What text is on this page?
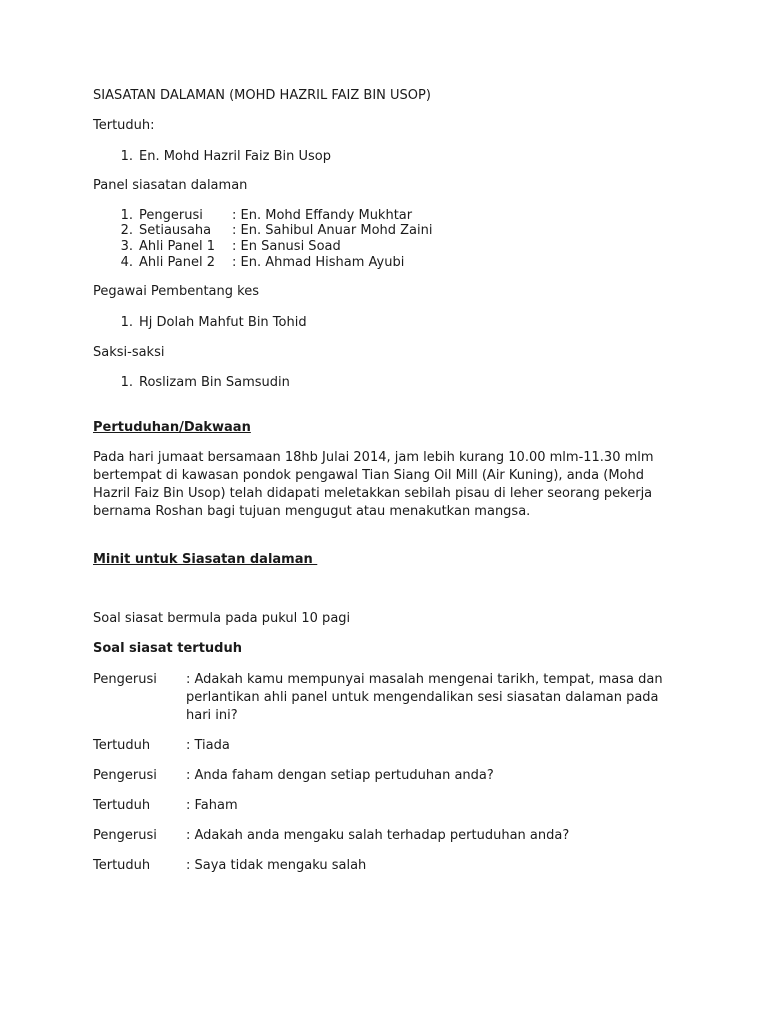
SIASATAN DALAMAN (MOHD HAZRIL FAIZ BIN USOP)
Tertuduh:
1. En. Mohd Hazril Faiz Bin Usop
Panel siasatan dalaman
1. Pengerusi : En. Mohd Effandy Mukhtar
2. Setiausaha : En. Sahibul Anuar Mohd Zaini
3. Ahli Panel 1 : En Sanusi Soad
4. Ahli Panel 2 : En. Ahmad Hisham Ayubi
Pegawai Pembentang kes
1. Hj Dolah Mahfut Bin Tohid
Saksi-saksi
1. Roslizam Bin Samsudin
Pertuduhan/Dakwaan
Pada hari jumaat bersamaan 18hb Julai 2014, jam lebih kurang 10.00 mlm-11.30 mlm bertempat di kawasan pondok pengawal Tian Siang Oil Mill (Air Kuning), anda (Mohd Hazril Faiz Bin Usop) telah didapati meletakkan sebilah pisau di leher seorang pekerja bernama Roshan bagi tujuan mengugut atau menakutkan mangsa.
Minit untuk Siasatan dalaman
Soal siasat bermula pada pukul 10 pagi
Soal siasat tertuduh
Pengerusi : Adakah kamu mempunyai masalah mengenai tarikh, tempat, masa dan perlantikan ahli panel untuk mengendalikan sesi siasatan dalaman pada hari ini?
Tertuduh	: Tiada
Pengerusi : Anda faham dengan setiap pertuduhan anda?
Tertuduh	: Faham
Pengerusi : Adakah anda mengaku salah terhadap pertuduhan anda?
Tertuduh	: Saya tidak mengaku salah
